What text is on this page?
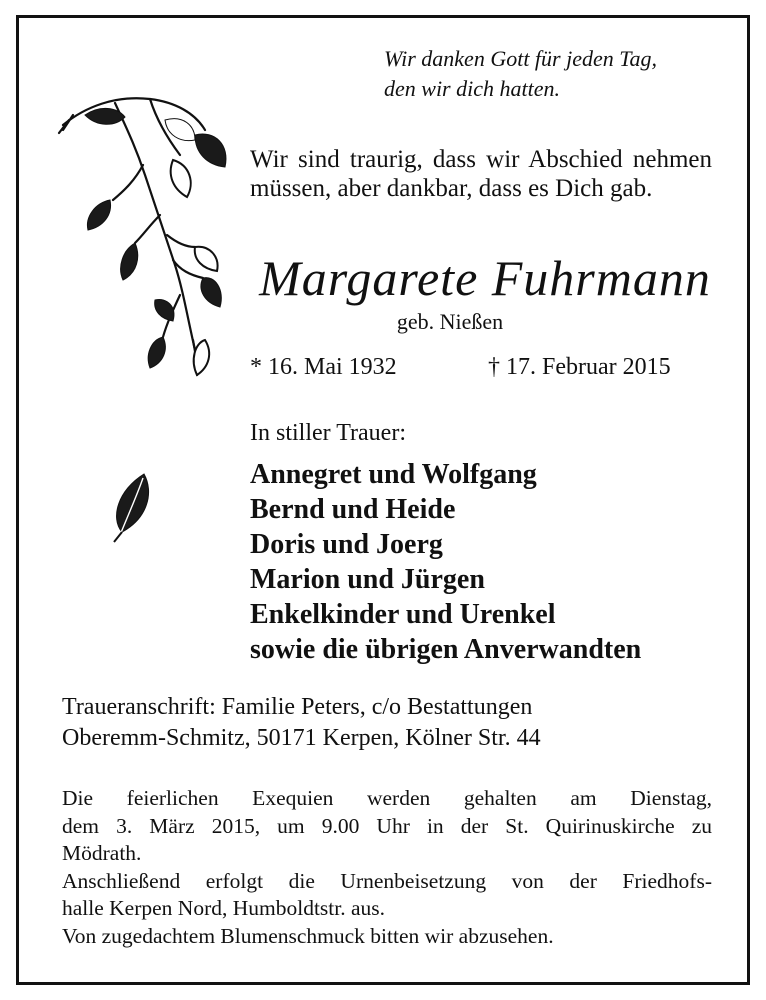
Wir danken Gott für jeden Tag,
den wir dich hatten.
Wir sind traurig, dass wir Abschied nehmen müssen, aber dankbar, dass es Dich gab.
Margarete Fuhrmann
geb. Nießen
* 16. Mai 1932	† 17. Februar 2015
In stiller Trauer:
Annegret und Wolfgang
Bernd und Heide
Doris und Joerg
Marion und Jürgen
Enkelkinder und Urenkel
sowie die übrigen Anverwandten
Traueranschrift: Familie Peters, c/o Bestattungen
Oberemm-Schmitz, 50171 Kerpen, Kölner Str. 44
Die feierlichen Exequien werden gehalten am Dienstag,
dem 3. März 2015, um 9.00 Uhr in der St. Quirinuskirche zu
Mödrath.
Anschließend erfolgt die Urnenbeisetzung von der Friedhofs-
halle Kerpen Nord, Humboldtstr. aus.
Von zugedachtem Blumenschmuck bitten wir abzusehen.
